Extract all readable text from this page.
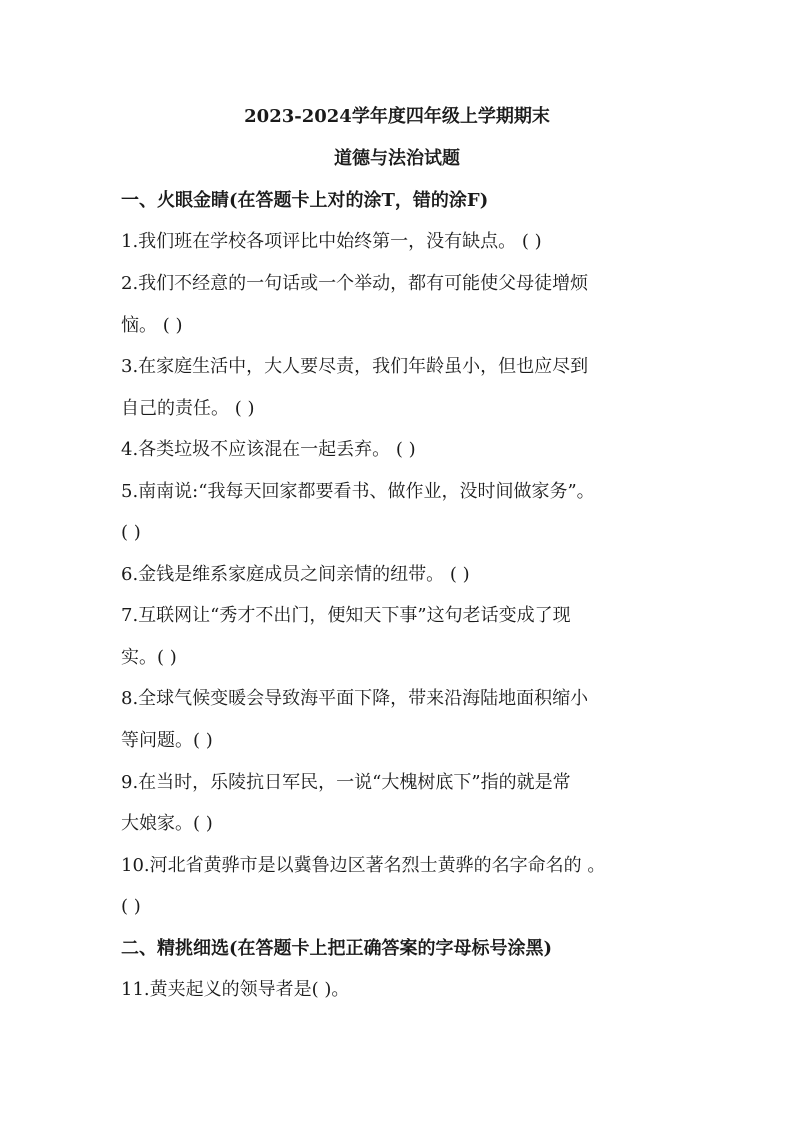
2023-2024学年度四年级上学期期末
道德与法治试题
一、火眼金睛(在答题卡上对的涂T，错的涂F)
1.我们班在学校各项评比中始终第一，没有缺点。 ( )
2.我们不经意的一句话或一个举动，都有可能使父母徒增烦
恼。 ( )
3.在家庭生活中，大人要尽责，我们年龄虽小，但也应尽到
自己的责任。 ( )
4.各类垃圾不应该混在一起丢弃。 ( )
5.南南说:“我每天回家都要看书、做作业，没时间做家务”。
( )
6.金钱是维系家庭成员之间亲情的纽带。 ( )
7.互联网让“秀才不出门，便知天下事”这句老话变成了现
实。( )
8.全球气候变暖会导致海平面下降，带来沿海陆地面积缩小
等问题。( )
9.在当时，乐陵抗日军民，一说“大槐树底下”指的就是常
大娘家。( )
10.河北省黄骅市是以冀鲁边区著名烈士黄骅的名字命名的 。
( )
二、精挑细选(在答题卡上把正确答案的字母标号涂黑)
11.黄夹起义的领导者是( )。
